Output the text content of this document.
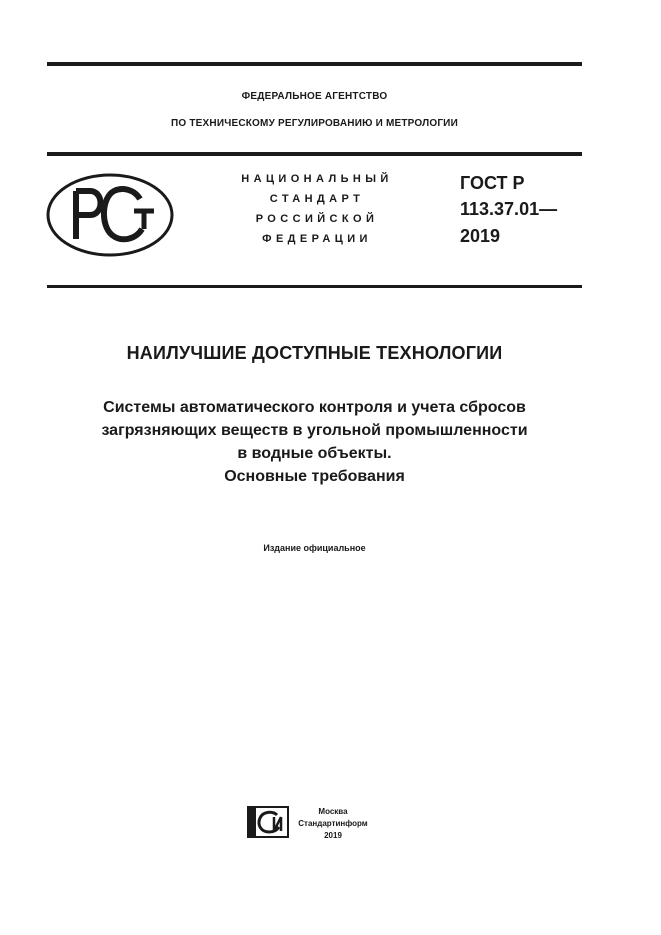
ФЕДЕРАЛЬНОЕ АГЕНТСТВО
ПО ТЕХНИЧЕСКОМУ РЕГУЛИРОВАНИЮ И МЕТРОЛОГИИ
НАЦИОНАЛЬНЫЙ
СТАНДАРТ
РОССИЙСКОЙ
ФЕДЕРАЦИИ
ГОСТ Р
113.37.01—
2019
НАИЛУЧШИЕ ДОСТУПНЫЕ ТЕХНОЛОГИИ
Системы автоматического контроля и учета сбросов
загрязняющих веществ в угольной промышленности
в водные объекты.
Основные требования
Издание официальное
Москва
Стандартинформ
2019
